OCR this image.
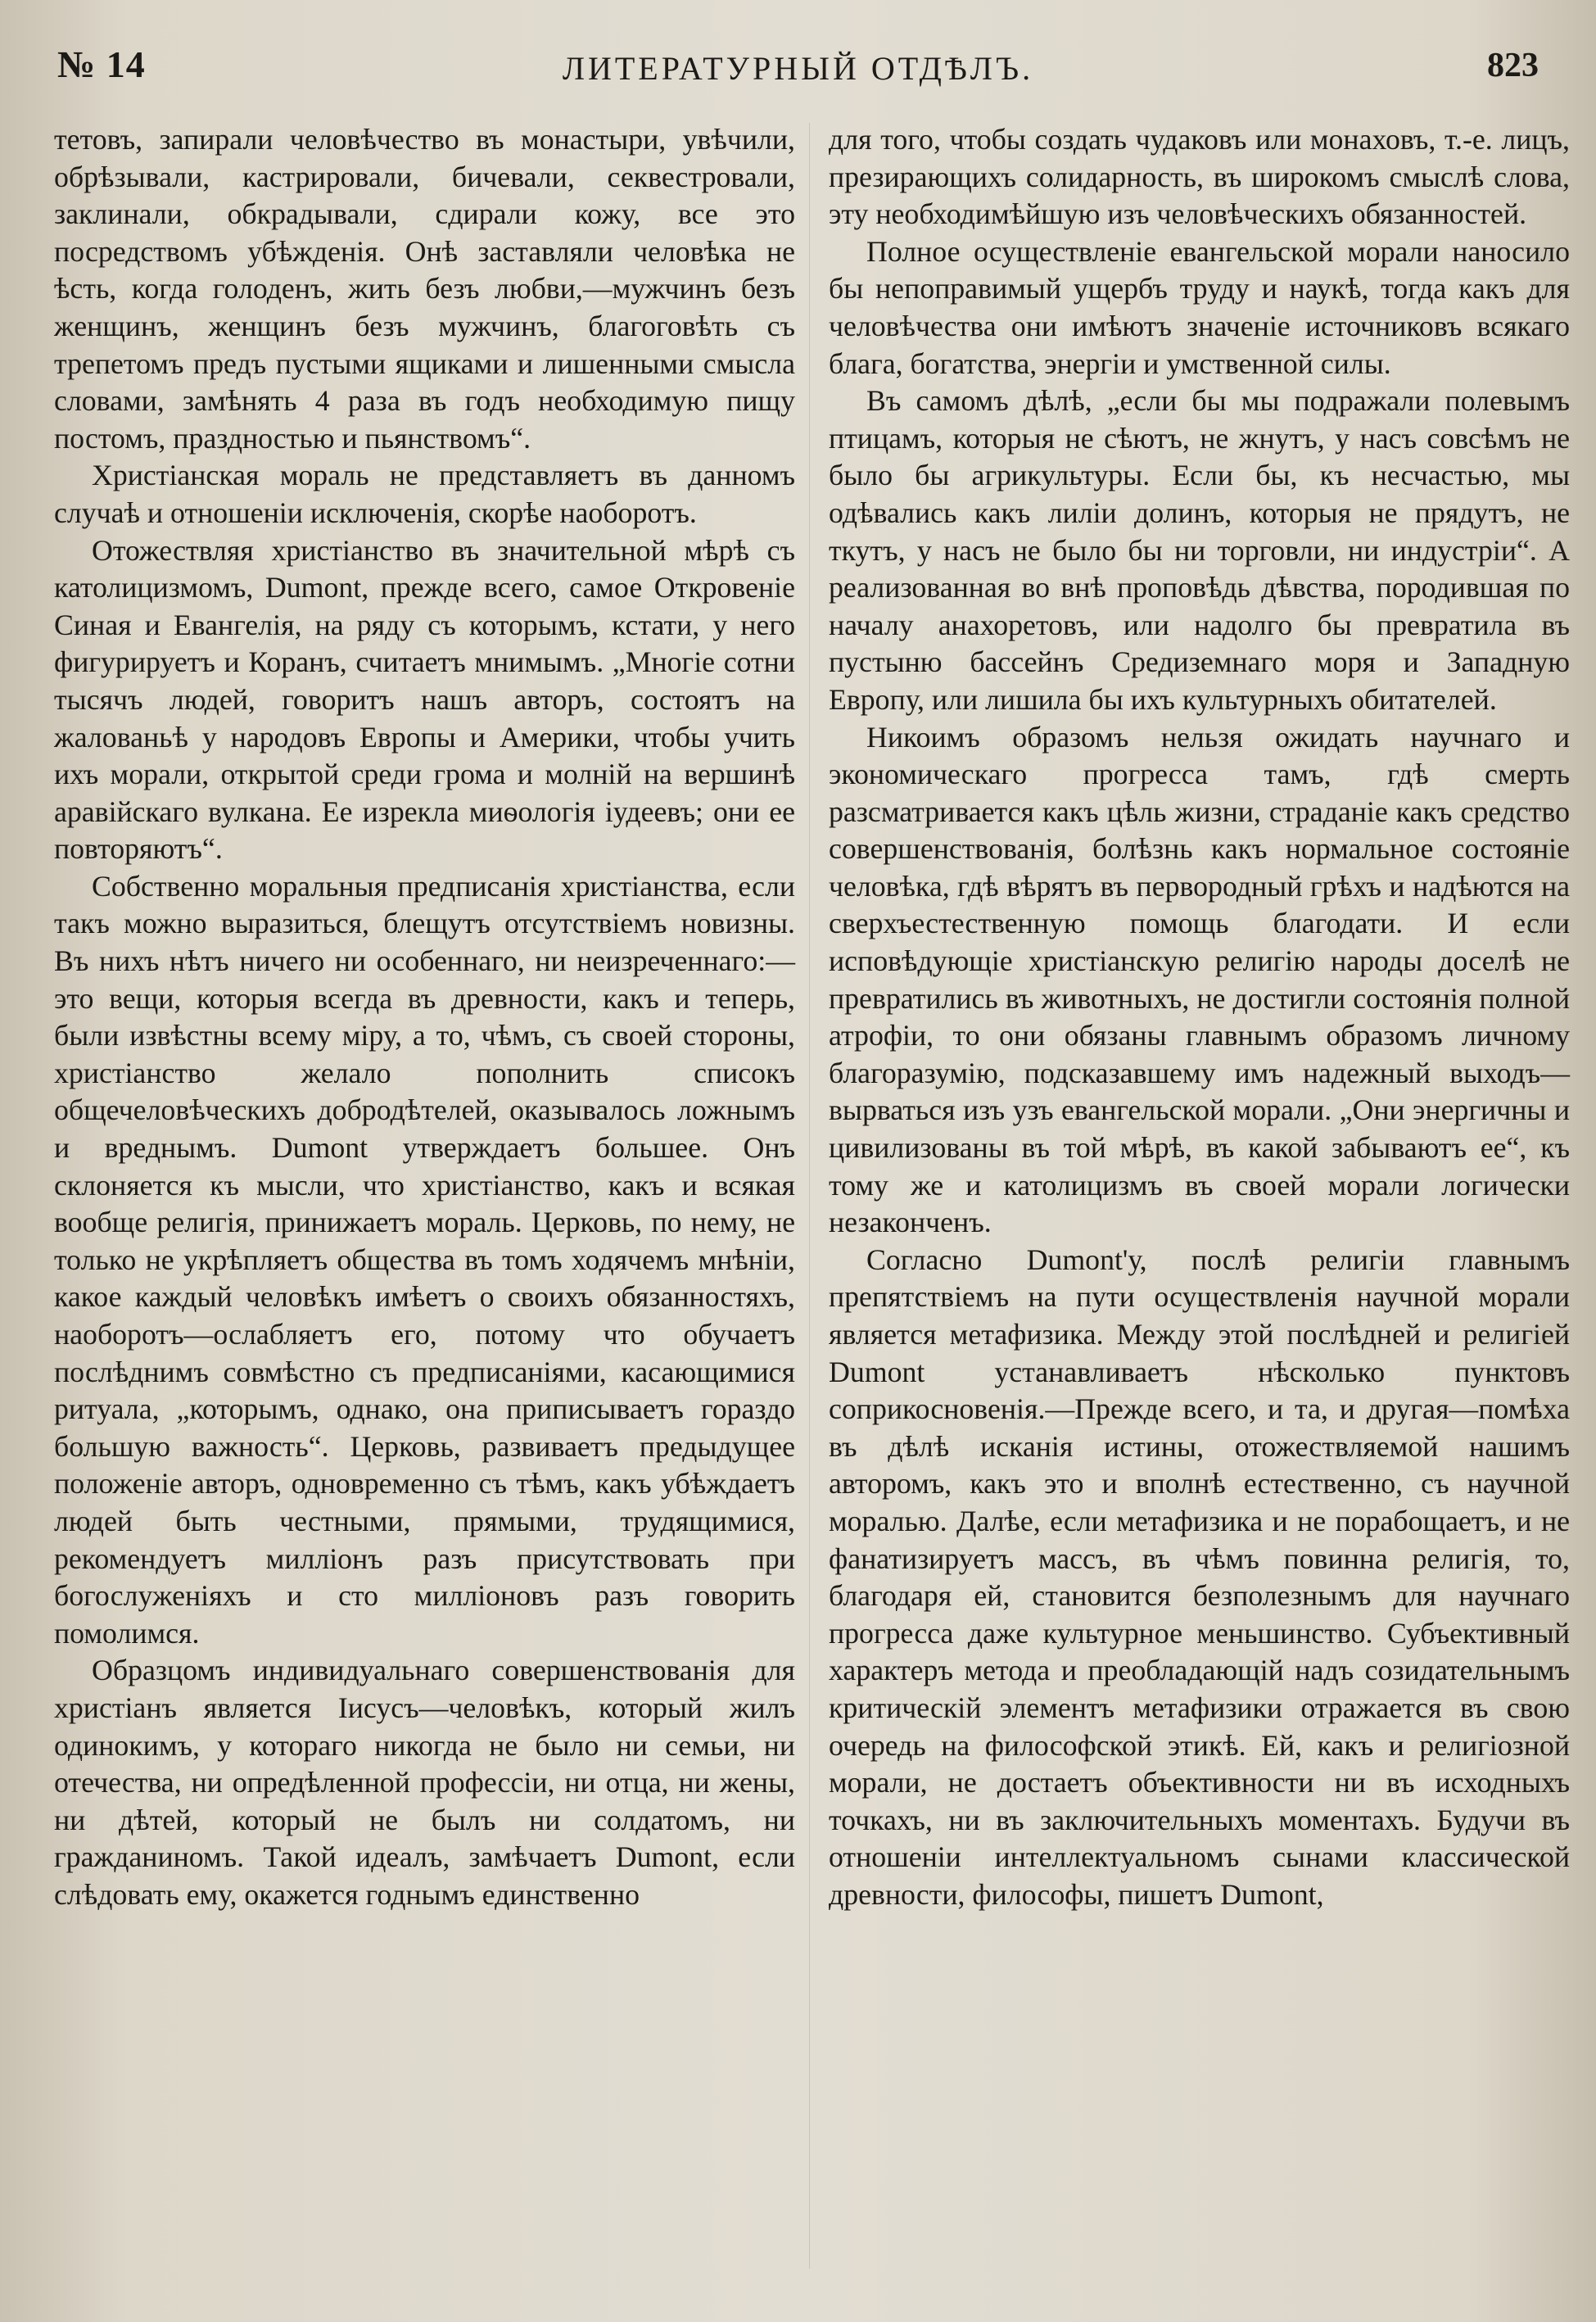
№ 14	ЛИТЕРАТУРНЫЙ ОТДѢЛЪ.	823

тетовъ, запирали человѣчество въ монастыри, увѣчили, обрѣзывали, кастрировали, бичевали, секвестровали, заклинали, обкрадывали, сдирали кожу, все это посредствомъ убѣжденія. Онѣ заставляли человѣка не ѣсть, когда голоденъ, жить безъ любви,—мужчинъ безъ женщинъ, женщинъ безъ мужчинъ, благоговѣть съ трепетомъ предъ пустыми ящиками и лишенными смысла словами, замѣнять 4 раза въ годъ необходимую пищу постомъ, праздностью и пьянствомъ“.

Христіанская мораль не представляетъ въ данномъ случаѣ и отношеніи исключенія, скорѣе наоборотъ.

Отожествляя христіанство въ значительной мѣрѣ съ католицизмомъ, Dumont, прежде всего, самое Откровеніе Синая и Евангелія, на ряду съ которымъ, кстати, у него фигурируетъ и Коранъ, считаетъ мнимымъ. „Многіе сотни тысячъ людей, говоритъ нашъ авторъ, состоятъ на жалованьѣ у народовъ Европы и Америки, чтобы учить ихъ морали, открытой среди грома и молній на вершинѣ аравійскаго вулкана. Ее изрекла миѳологія іудеевъ; они ее повторяютъ“.

Собственно моральныя предписанія христіанства, если такъ можно выразиться, блещутъ отсутствіемъ новизны. Въ нихъ нѣтъ ничего ни особеннаго, ни неизреченнаго:—это вещи, которыя всегда въ древности, какъ и теперь, были извѣстны всему міру, а то, чѣмъ, съ своей стороны, христіанство желало пополнить списокъ общечеловѣческихъ добродѣтелей, оказывалось ложнымъ и вреднымъ. Dumont утверждаетъ большее. Онъ склоняется къ мысли, что христіанство, какъ и всякая вообще религія, принижаетъ мораль. Церковь, по нему, не только не укрѣпляетъ общества въ томъ ходячемъ мнѣніи, какое каждый человѣкъ имѣетъ о своихъ обязанностяхъ, наоборотъ—ослабляетъ его, потому что обучаетъ послѣднимъ совмѣстно съ предписаніями, касающимися ритуала, „которымъ, однако, она приписываетъ гораздо большую важность“. Церковь, развиваетъ предыдущее положеніе авторъ, одновременно съ тѣмъ, какъ убѣждаетъ людей быть честными, прямыми, трудящимися, рекомендуетъ милліонъ разъ присутствовать при богослуженіяхъ и сто милліоновъ разъ говорить помолимся.

Образцомъ индивидуальнаго совершенствованія для христіанъ является Іисусъ—человѣкъ, который жилъ одинокимъ, у котораго никогда не было ни семьи, ни отечества, ни опредѣленной профессіи, ни отца, ни жены, ни дѣтей, который не былъ ни солдатомъ, ни гражданиномъ. Такой идеалъ, замѣчаетъ Dumont, если слѣдовать ему, окажется годнымъ единственно

для того, чтобы создать чудаковъ или монаховъ, т.-е. лицъ, презирающихъ солидарность, въ широкомъ смыслѣ слова, эту необходимѣйшую изъ человѣческихъ обязанностей.

Полное осуществленіе евангельской морали наносило бы непоправимый ущербъ труду и наукѣ, тогда какъ для человѣчества они имѣютъ значеніе источниковъ всякаго блага, богатства, энергіи и умственной силы.

Въ самомъ дѣлѣ, „если бы мы подражали полевымъ птицамъ, которыя не сѣютъ, не жнутъ, у насъ совсѣмъ не было бы агрикультуры. Если бы, къ несчастью, мы одѣвались какъ лиліи долинъ, которыя не прядутъ, не ткутъ, у насъ не было бы ни торговли, ни индустріи“. А реализованная во внѣ проповѣдь дѣвства, породившая по началу анахоретовъ, или надолго бы превратила въ пустыню бассейнъ Средиземнаго моря и Западную Европу, или лишила бы ихъ культурныхъ обитателей.

Никоимъ образомъ нельзя ожидать научнаго и экономическаго прогресса тамъ, гдѣ смерть разсматривается какъ цѣль жизни, страданіе какъ средство совершенствованія, болѣзнь какъ нормальное состояніе человѣка, гдѣ вѣрятъ въ первородный грѣхъ и надѣются на сверхъестественную помощь благодати. И если исповѣдующіе христіанскую религію народы доселѣ не превратились въ животныхъ, не достигли состоянія полной атрофіи, то они обязаны главнымъ образомъ личному благоразумію, подсказавшему имъ надежный выходъ—вырваться изъ узъ евангельской морали. „Они энергичны и цивилизованы въ той мѣрѣ, въ какой забываютъ ее“, къ тому же и католицизмъ въ своей морали логически незаконченъ.

Согласно Dumont'у, послѣ религіи главнымъ препятствіемъ на пути осуществленія научной морали является метафизика. Между этой послѣдней и религіей Dumont устанавливаетъ нѣсколько пунктовъ соприкосновенія.—Прежде всего, и та, и другая—помѣха въ дѣлѣ исканія истины, отожествляемой нашимъ авторомъ, какъ это и вполнѣ естественно, съ научной моралью. Далѣе, если метафизика и не порабощаетъ, и не фанатизируетъ массъ, въ чѣмъ повинна религія, то, благодаря ей, становится безполезнымъ для научнаго прогресса даже культурное меньшинство. Субъективный характеръ метода и преобладающій надъ созидательнымъ критическій элементъ метафизики отражается въ свою очередь на философской этикѣ. Ей, какъ и религіозной морали, не достаетъ объективности ни въ исходныхъ точкахъ, ни въ заключительныхъ моментахъ. Будучи въ отношеніи интеллектуальномъ сынами классической древности, философы, пишетъ Dumont,
